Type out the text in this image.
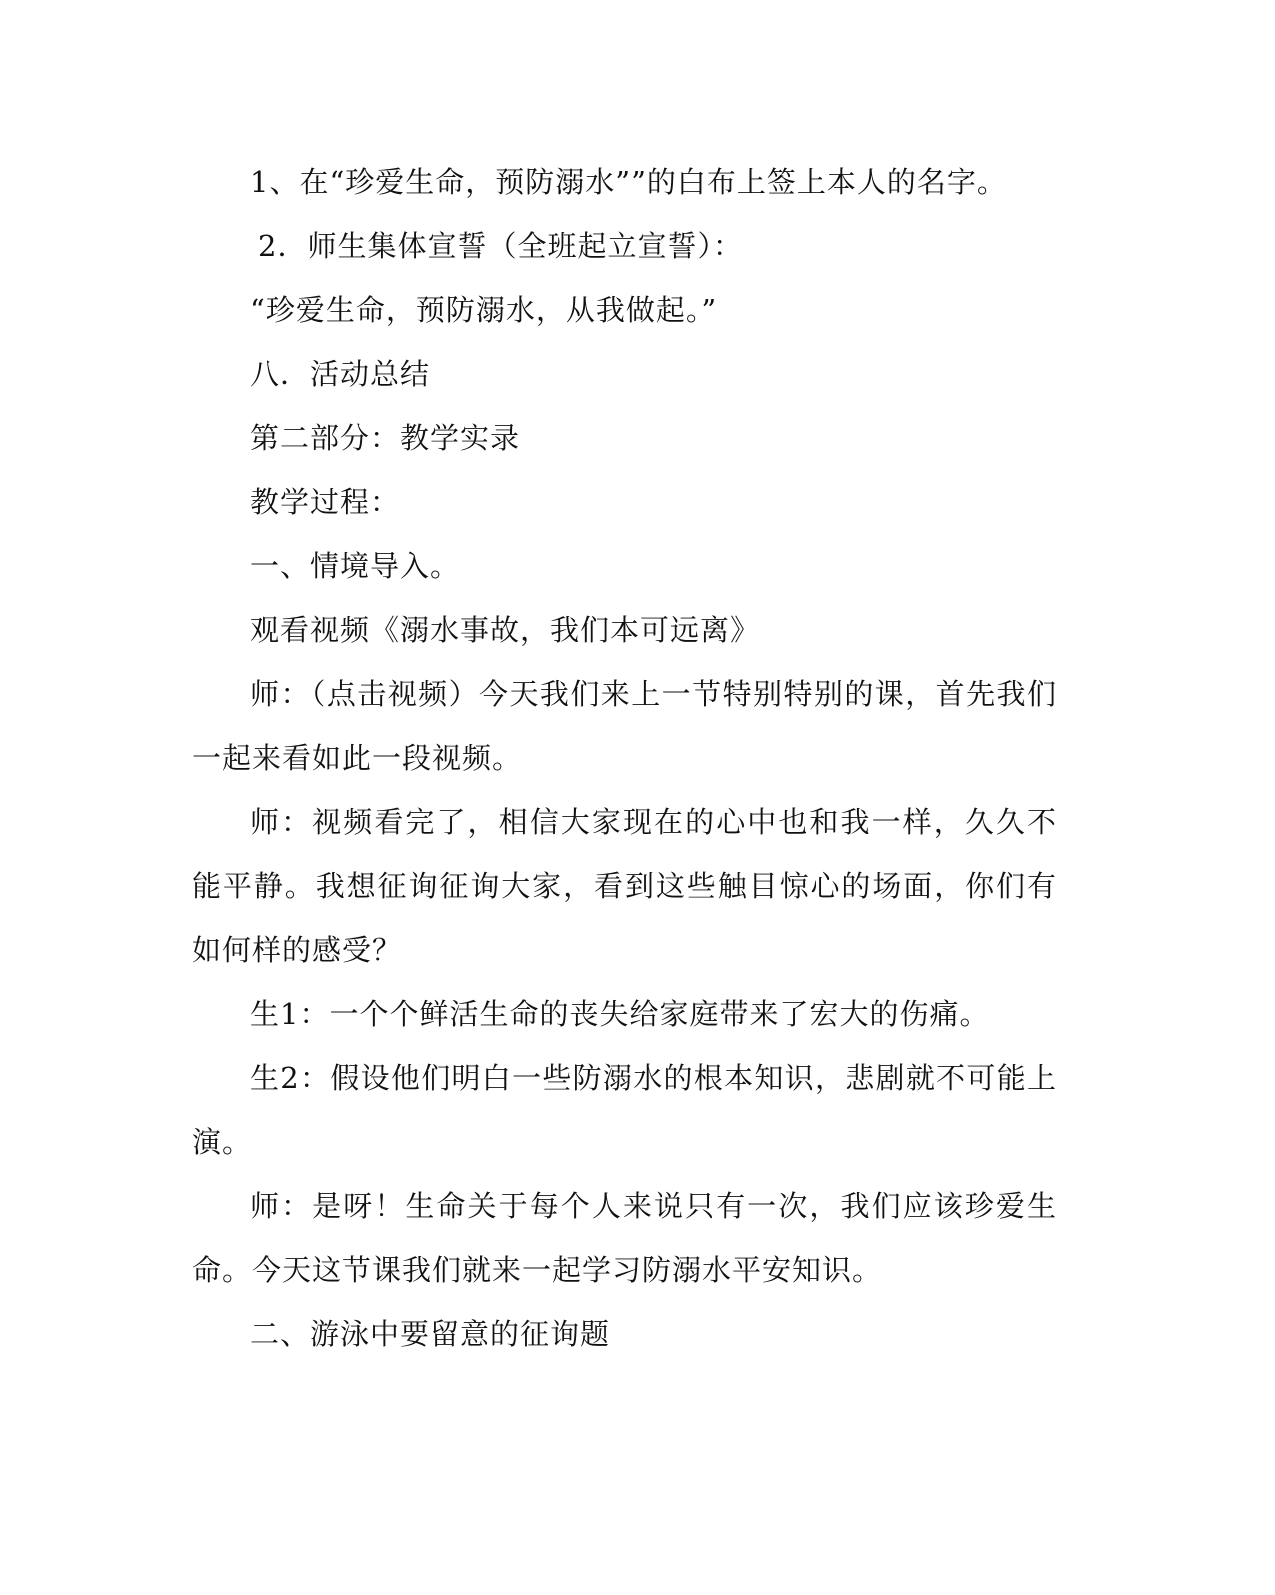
1、在“珍爱生命，预防溺水””的白布上签上本人的名字。

2．师生集体宣誓（全班起立宣誓）：

“珍爱生命，预防溺水，从我做起。”

八．活动总结

第二部分：教学实录

教学过程：

一、情境导入。

观看视频《溺水事故，我们本可远离》

师：（点击视频）今天我们来上一节特别特别的课，首先我们一起来看如此一段视频。

师：视频看完了，相信大家现在的心中也和我一样，久久不能平静。我想征询征询大家，看到这些触目惊心的场面，你们有如何样的感受？

生1：一个个鲜活生命的丧失给家庭带来了宏大的伤痛。

生2：假设他们明白一些防溺水的根本知识，悲剧就不可能上演。

师：是呀！生命关于每个人来说只有一次，我们应该珍爱生命。今天这节课我们就来一起学习防溺水平安知识。

二、游泳中要留意的征询题
